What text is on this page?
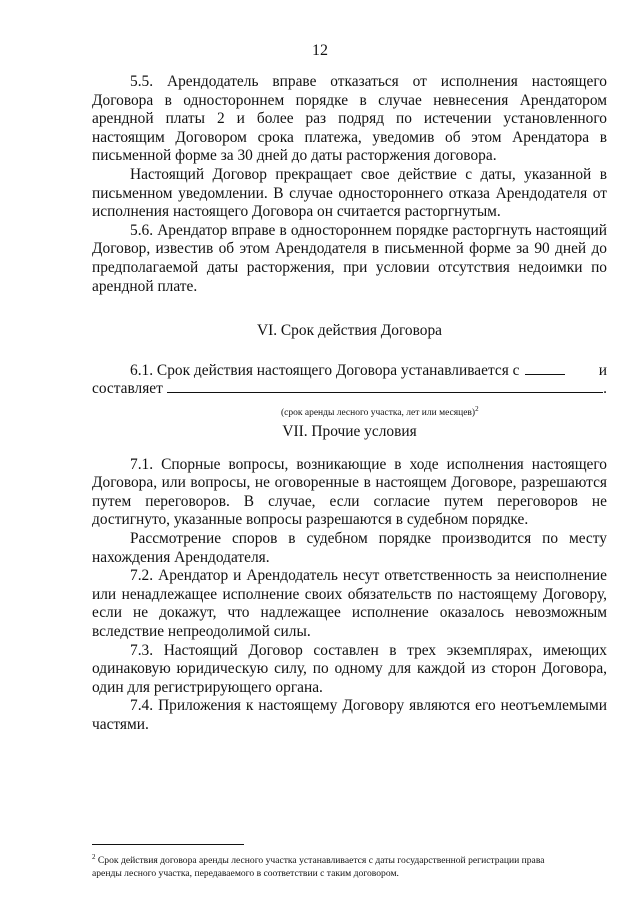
12

5.5. Арендодатель вправе отказаться от исполнения настоящего Договора в одностороннем порядке в случае невнесения Арендатором арендной платы 2 и более раз подряд по истечении установленного настоящим Договором срока платежа, уведомив об этом Арендатора в письменной форме за 30 дней до даты расторжения договора.

Настоящий Договор прекращает свое действие с даты, указанной в письменном уведомлении. В случае одностороннего отказа Арендодателя от исполнения настоящего Договора он считается расторгнутым.

5.6. Арендатор вправе в одностороннем порядке расторгнуть настоящий Договор, известив об этом Арендодателя в письменной форме за 90 дней до предполагаемой даты расторжения, при условии отсутствия недоимки по арендной плате.

VI. Срок действия Договора

6.1. Срок действия настоящего Договора устанавливается с	и
составляет	.
(срок аренды лесного участка, лет или месяцев)$^2$

VII. Прочие условия

7.1. Спорные вопросы, возникающие в ходе исполнения настоящего Договора, или вопросы, не оговоренные в настоящем Договоре, разрешаются путем переговоров. В случае, если согласие путем переговоров не достигнуто, указанные вопросы разрешаются в судебном порядке.

Рассмотрение споров в судебном порядке производится по месту нахождения Арендодателя.

7.2. Арендатор и Арендодатель несут ответственность за неисполнение или ненадлежащее исполнение своих обязательств по настоящему Договору, если не докажут, что надлежащее исполнение оказалось невозможным вследствие непреодолимой силы.

7.3. Настоящий Договор составлен в трех экземплярах, имеющих одинаковую юридическую силу, по одному для каждой из сторон Договора, один для регистрирующего органа.

7.4. Приложения к настоящему Договору являются его неотъемлемыми частями.

$^2$ Срок действия договора аренды лесного участка устанавливается с даты государственной регистрации права аренды лесного участка, передаваемого в соответствии с таким договором.
